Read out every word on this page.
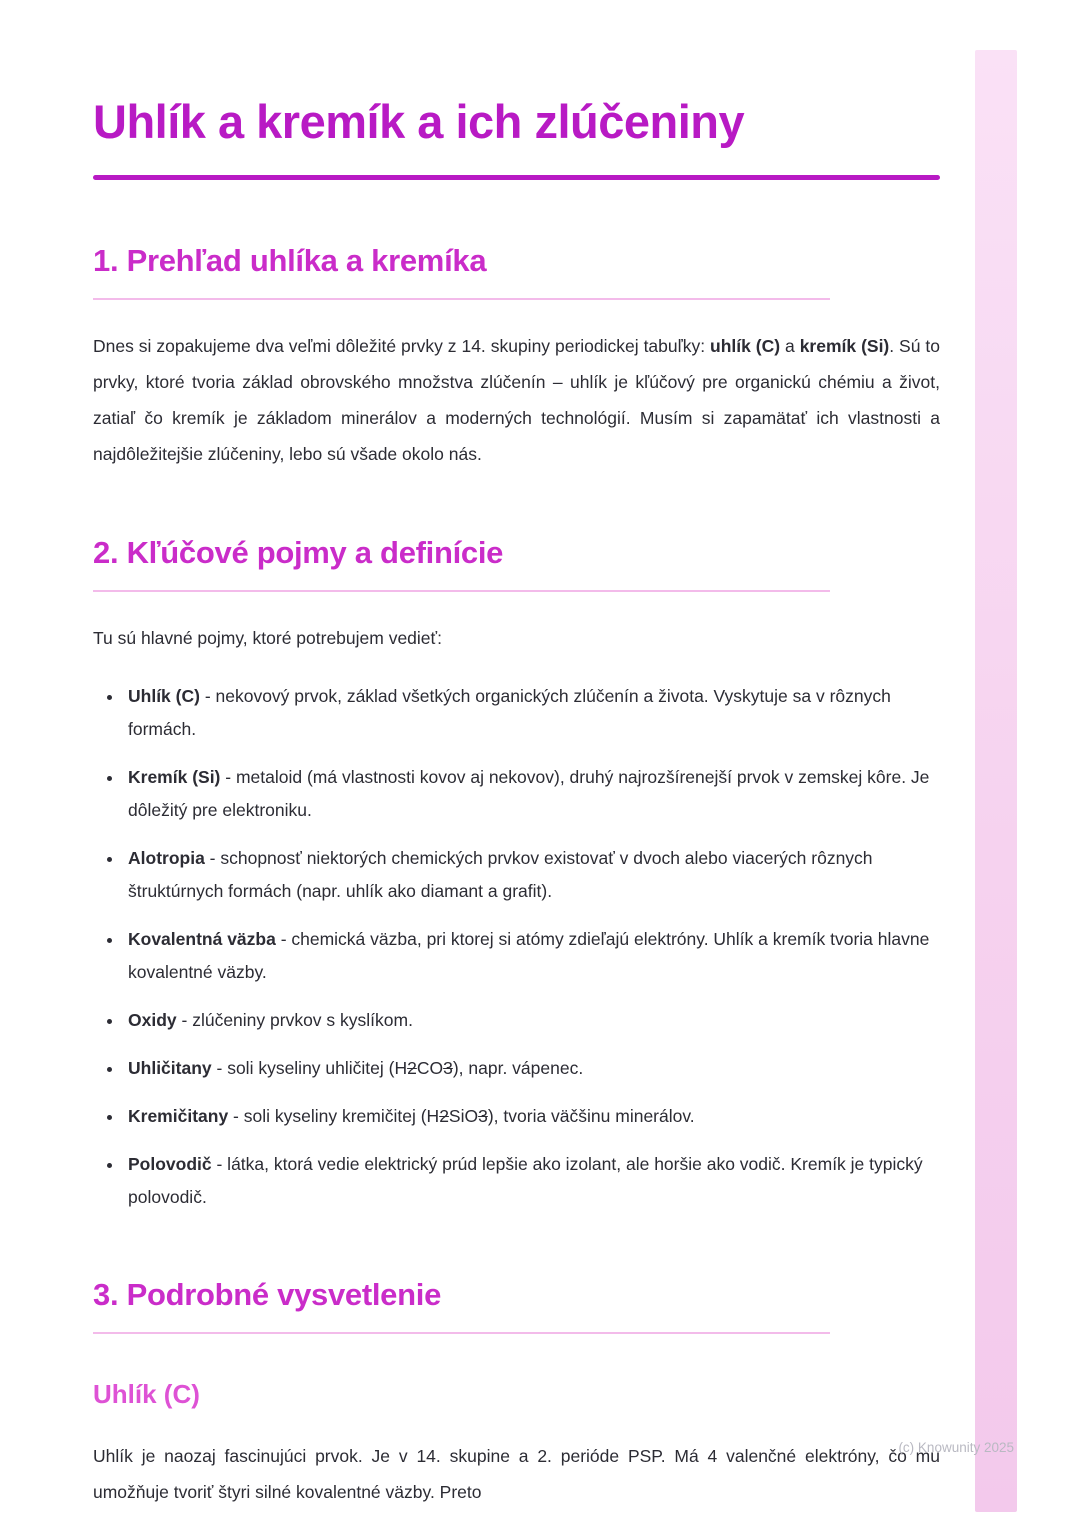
Uhlík a kremík a ich zlúčeniny
1. Prehľad uhlíka a kremíka

Dnes si zopakujeme dva veľmi dôležité prvky z 14. skupiny periodickej tabuľky: uhlík (C) a kremík (Si). Sú to prvky, ktoré tvoria základ obrovského množstva zlúčenín – uhlík je kľúčový pre organickú chémiu a život, zatiaľ čo kremík je základom minerálov a moderných technológií. Musím si zapamätať ich vlastnosti a najdôležitejšie zlúčeniny, lebo sú všade okolo nás.

2. Kľúčové pojmy a definície

Tu sú hlavné pojmy, ktoré potrebujem vedieť:

• Uhlík (C) - nekovový prvok, základ všetkých organických zlúčenín a života. Vyskytuje sa v rôznych formách.
• Kremík (Si) - metaloid (má vlastnosti kovov aj nekovov), druhý najrozšírenejší prvok v zemskej kôre. Je dôležitý pre elektroniku.
• Alotropia - schopnosť niektorých chemických prvkov existovať v dvoch alebo viacerých rôznych štruktúrnych formách (napr. uhlík ako diamant a grafit).
• Kovalentná väzba - chemická väzba, pri ktorej si atómy zdieľajú elektróny. Uhlík a kremík tvoria hlavne kovalentné väzby.
• Oxidy - zlúčeniny prvkov s kyslíkom.
• Uhličitany - soli kyseliny uhličitej (H2CO3), napr. vápenec.
• Kremičitany - soli kyseliny kremičitej (H2SiO3), tvoria väčšinu minerálov.
• Polovodič - látka, ktorá vedie elektrický prúd lepšie ako izolant, ale horšie ako vodič. Kremík je typický polovodič.
3. Podrobné vysvetlenie
Uhlík (C)

Uhlík je naozaj fascinujúci prvok. Je v 14. skupine a 2. perióde PSP. Má 4 valenčné elektróny, čo mu umožňuje tvoriť štyri silné kovalentné väzby. Preto

(c) Knowunity 2025
